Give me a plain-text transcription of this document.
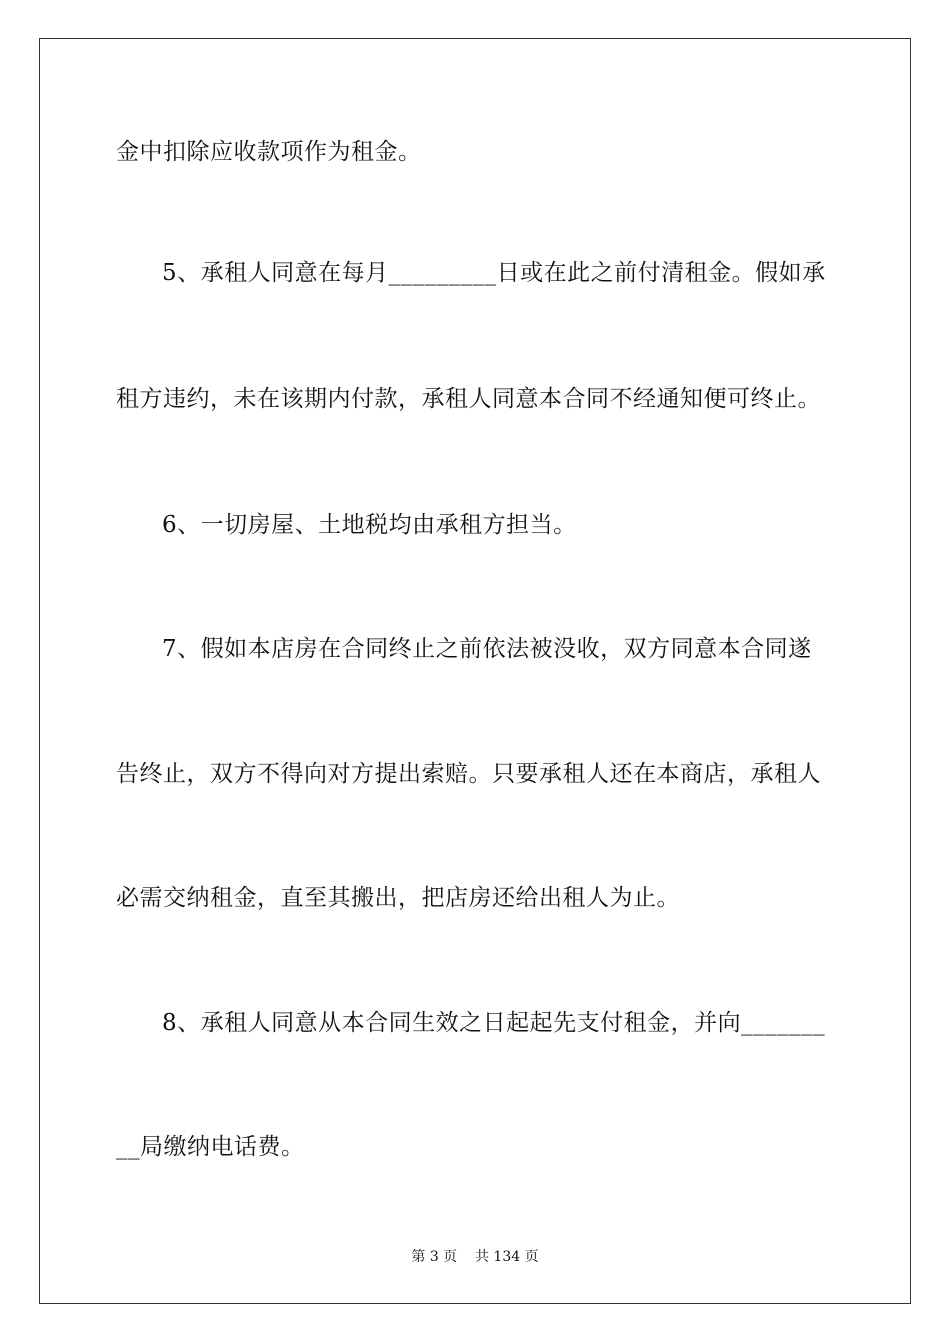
金中扣除应收款项作为租金。
5、承租人同意在每月_________日或在此之前付清租金。假如承
租方违约，未在该期内付款，承租人同意本合同不经通知便可终止。
6、一切房屋、土地税均由承租方担当。
7、假如本店房在合同终止之前依法被没收，双方同意本合同遂
告终止，双方不得向对方提出索赔。只要承租人还在本商店，承租人
必需交纳租金，直至其搬出，把店房还给出租人为止。
8、承租人同意从本合同生效之日起起先支付租金，并向_______
__局缴纳电话费。
第 3 页    共 134 页
